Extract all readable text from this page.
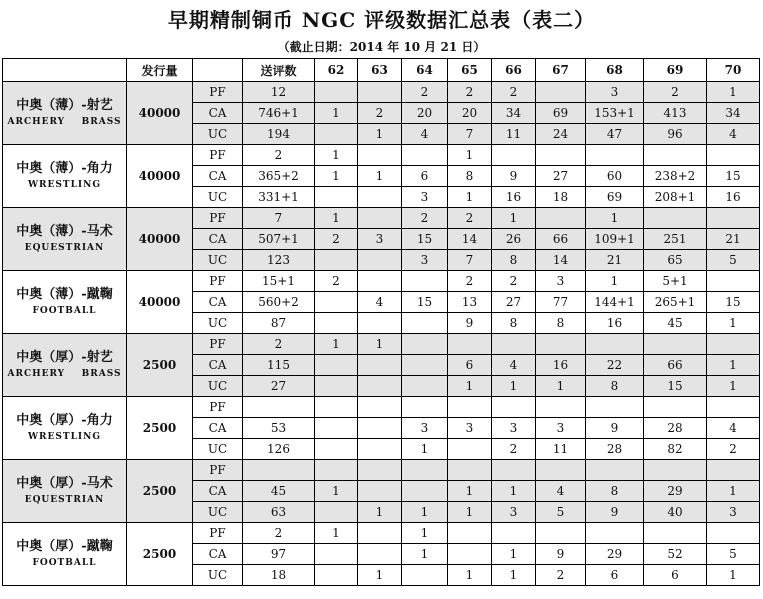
早期精制铜币 NGC 评级数据汇总表（表二）
（截止日期：2014 年 10 月 21 日）
	发行量		送评数	62	63	64	65	66	67	68	69	70

中奥（薄）-射艺
ARCHERY    BRASS	40000	PF	12			2	2	2		3	2	1
		CA	746+1	1	2	20	20	34	69	153+1	413	34
		UC	194		1	4	7	11	24	47	96	4

中奥（薄）-角力
WRESTLING	40000	PF	2	1			1					
		CA	365+2	1	1	6	8	9	27	60	238+2	15
		UC	331+1			3	1	16	18	69	208+1	16

中奥（薄）-马术
EQUESTRIAN	40000	PF	7	1		2	2	1		1		
		CA	507+1	2	3	15	14	26	66	109+1	251	21
		UC	123			3	7	8	14	21	65	5

中奥（薄）-蹴鞠
FOOTBALL	40000	PF	15+1	2			2	2	3	1	5+1	
		CA	560+2		4	15	13	27	77	144+1	265+1	15
		UC	87				9	8	8	16	45	1

中奥（厚）-射艺
ARCHERY    BRASS	2500	PF	2	1	1							
		CA	115				6	4	16	22	66	1
		UC	27				1	1	1	8	15	1

中奥（厚）-角力
WRESTLING	2500	PF										
		CA	53			3	3	3	3	9	28	4
		UC	126			1		2	11	28	82	2

中奥（厚）-马术
EQUESTRIAN	2500	PF										
		CA	45	1			1	1	4	8	29	1
		UC	63		1	1	1	3	5	9	40	3

中奥（厚）-蹴鞠
FOOTBALL	2500	PF	2	1		1						
		CA	97			1		1	9	29	52	5
		UC	18		1		1	1	2	6	6	1
